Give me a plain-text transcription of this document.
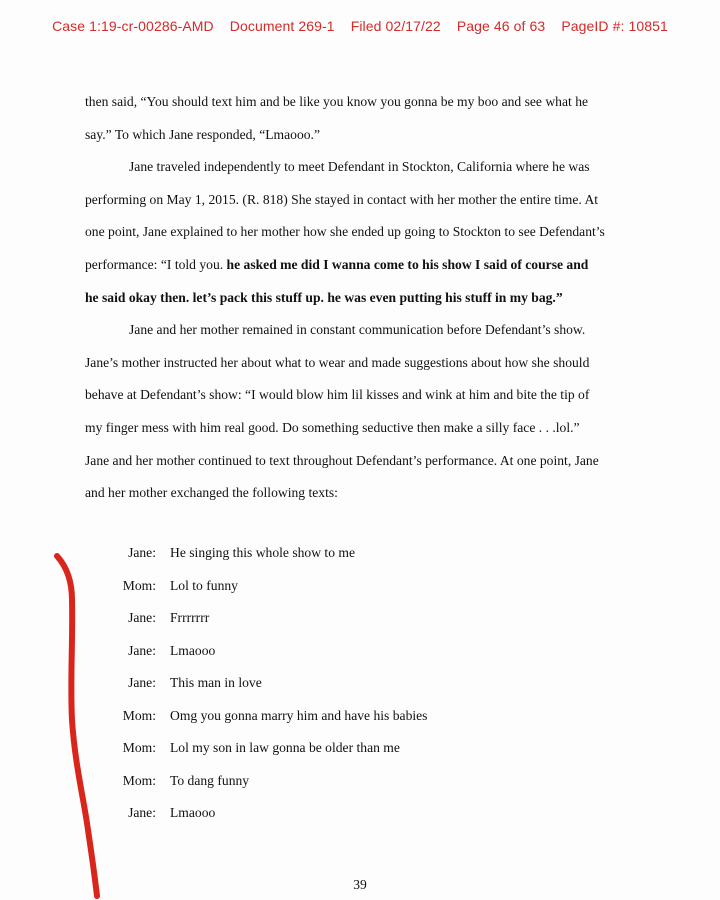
Case 1:19-cr-00286-AMD Document 269-1 Filed 02/17/22 Page 46 of 63 PageID #: 10851

then said, “You should text him and be like you know you gonna be my boo and see what he say.” To which Jane responded, “Lmaooo.”

Jane traveled independently to meet Defendant in Stockton, California where he was performing on May 1, 2015. (R. 818) She stayed in contact with her mother the entire time. At one point, Jane explained to her mother how she ended up going to Stockton to see Defendant’s performance: “I told you. he asked me did I wanna come to his show I said of course and he said okay then. let’s pack this stuff up. he was even putting his stuff in my bag.”

Jane and her mother remained in constant communication before Defendant’s show. Jane’s mother instructed her about what to wear and made suggestions about how she should behave at Defendant’s show: “I would blow him lil kisses and wink at him and bite the tip of my finger mess with him real good. Do something seductive then make a silly face . . .lol.” Jane and her mother continued to text throughout Defendant’s performance. At one point, Jane and her mother exchanged the following texts:

Jane: He singing this whole show to me
Mom: Lol to funny
Jane: Frrrrrrr
Jane: Lmaooo
Jane: This man in love
Mom: Omg you gonna marry him and have his babies
Mom: Lol my son in law gonna be older than me
Mom: To dang funny
Jane: Lmaooo
39
